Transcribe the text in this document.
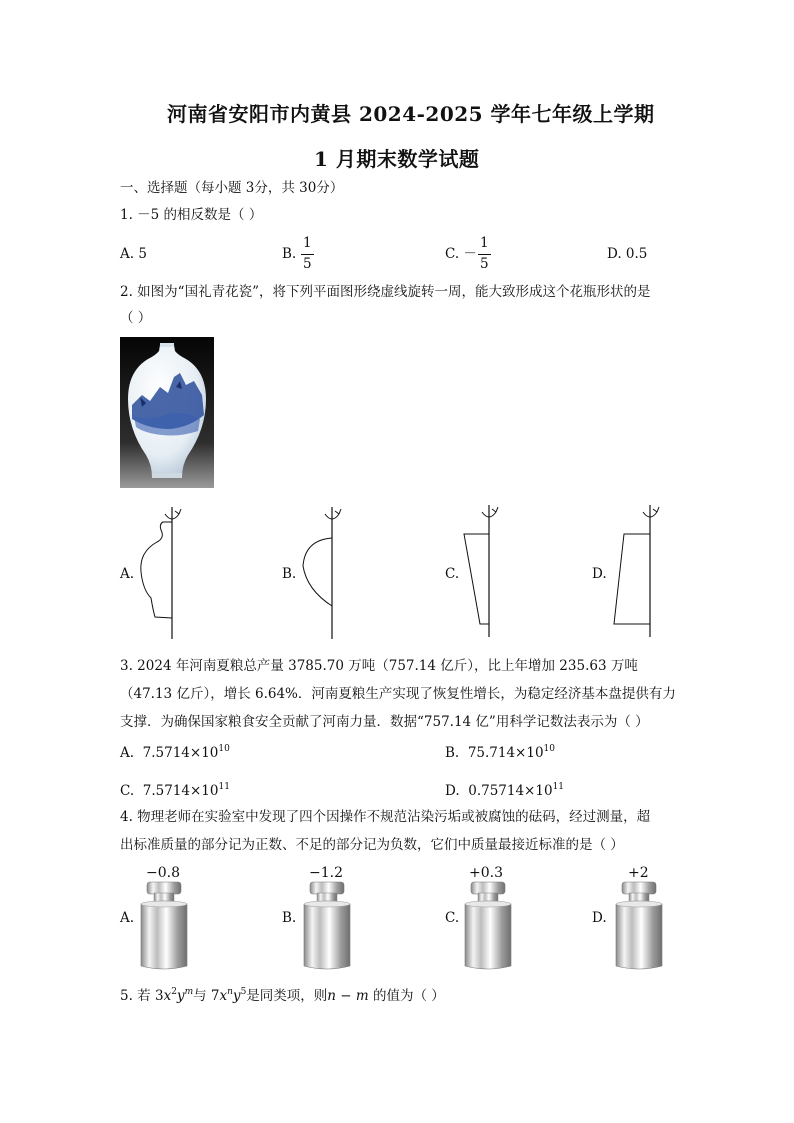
河南省安阳市内黄县 2024-2025 学年七年级上学期
1 月期末数学试题
一、选择题（每小题 3分，共 30分）
1. －5 的相反数是（ ）
A. 5	B.
1
5
C. －
1
5
D. 0.5
2. 如图为“国礼青花瓷”，将下列平面图形绕虚线旋转一周，能大致形成这个花瓶形状的是
（ ）
A.	B.	C.	D.
3. 2024 年河南夏粮总产量 3785.70 万吨（757.14 亿斤），比上年增加 235.63 万吨
（47.13 亿斤），增长 6.64%．河南夏粮生产实现了恢复性增长，为稳定经济基本盘提供有力
支撑．为确保国家粮食安全贡献了河南力量．数据“757.14 亿”用科学记数法表示为（ ）
A. $7.5714\times 10^{10}$	B. $75.714\times 10^{10}$
C. $7.5714\times 10^{11}$	D. $0.75714\times 10^{11}$
4. 物理老师在实验室中发现了四个因操作不规范沾染污垢或被腐蚀的砝码，经过测量，超
出标准质量的部分记为正数、不足的部分记为负数，它们中质量最接近标准的是（ ）
A.
−0.8
B.
−1.2
C.
+0.3
D.
+2
5. 若 $3x^2y^m$与 $7x^ny^5$是同类项，则n − m 的值为（ ）
